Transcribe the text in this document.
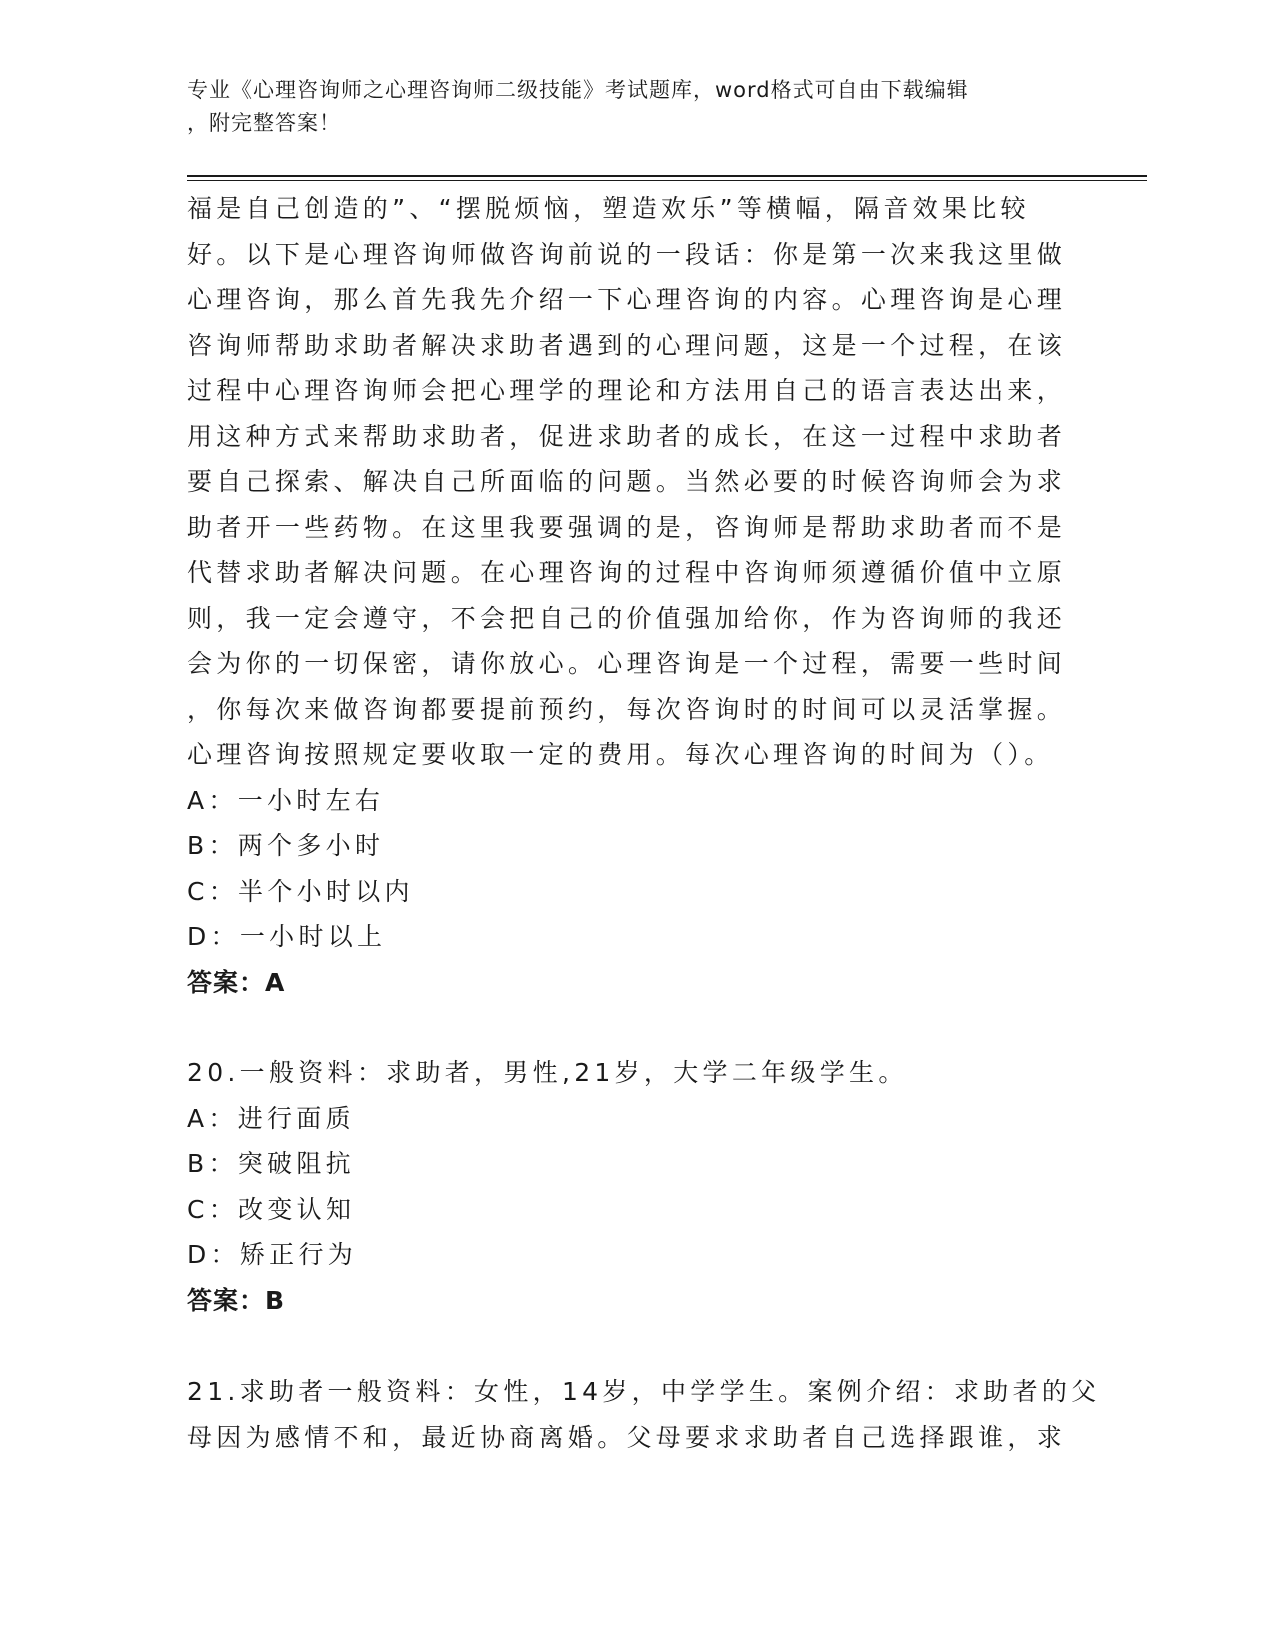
专业《心理咨询师之心理咨询师二级技能》考试题库，word格式可自由下载编辑
，附完整答案！
福是自己创造的”、“摆脱烦恼，塑造欢乐”等横幅，隔音效果比较
好。以下是心理咨询师做咨询前说的一段话：你是第一次来我这里做
心理咨询，那么首先我先介绍一下心理咨询的内容。心理咨询是心理
咨询师帮助求助者解决求助者遇到的心理问题，这是一个过程，在该
过程中心理咨询师会把心理学的理论和方法用自己的语言表达出来，
用这种方式来帮助求助者，促进求助者的成长，在这一过程中求助者
要自己探索、解决自己所面临的问题。当然必要的时候咨询师会为求
助者开一些药物。在这里我要强调的是，咨询师是帮助求助者而不是
代替求助者解决问题。在心理咨询的过程中咨询师须遵循价值中立原
则，我一定会遵守，不会把自己的价值强加给你，作为咨询师的我还
会为你的一切保密，请你放心。心理咨询是一个过程，需要一些时间
，你每次来做咨询都要提前预约，每次咨询时的时间可以灵活掌握。
心理咨询按照规定要收取一定的费用。每次心理咨询的时间为（）。
A：一小时左右
B：两个多小时
C：半个小时以内
D：一小时以上
答案：A
20.一般资料：求助者，男性,21岁，大学二年级学生。
A：进行面质
B：突破阻抗
C：改变认知
D：矫正行为
答案：B
21.求助者一般资料：女性，14岁，中学学生。案例介绍：求助者的父
母因为感情不和，最近协商离婚。父母要求求助者自己选择跟谁，求
